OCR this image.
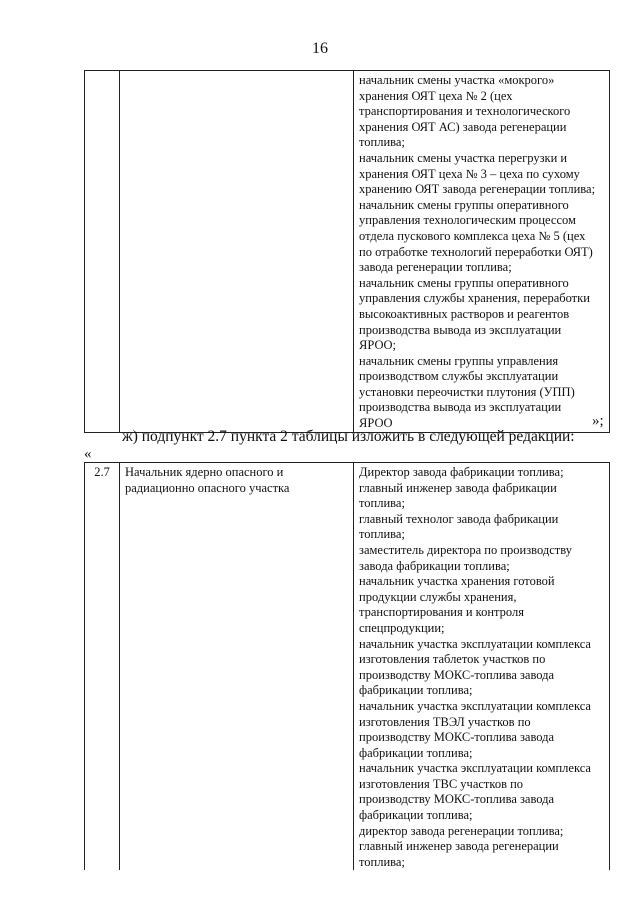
16

начальник смены участка «мокрого»
хранения ОЯТ цеха № 2 (цех
транспортирования и технологического
хранения ОЯТ АС) завода регенерации
топлива;
начальник смены участка перегрузки и
хранения ОЯТ цеха № 3 – цеха по сухому
хранению ОЯТ завода регенерации топлива;
начальник смены группы оперативного
управления технологическим процессом
отдела пускового комплекса цеха № 5 (цех
по отработке технологий переработки ОЯТ)
завода регенерации топлива;
начальник смены группы оперативного
управления службы хранения, переработки
высокоактивных растворов и реагентов
производства вывода из эксплуатации
ЯРОО;
начальник смены группы управления
производством службы эксплуатации
установки переочистки плутония (УПП)
производства вывода из эксплуатации
ЯРОО	»;
ж) подпункт 2.7 пункта 2 таблицы изложить в следующей редакции:
«
2.7	Начальник ядерно опасного и
радиационно опасного участка

Директор завода фабрикации топлива;
главный инженер завода фабрикации
топлива;
главный технолог завода фабрикации
топлива;
заместитель директора по производству
завода фабрикации топлива;
начальник участка хранения готовой
продукции службы хранения,
транспортирования и контроля
спецпродукции;
начальник участка эксплуатации комплекса
изготовления таблеток участков по
производству МОКС-топлива завода
фабрикации топлива;
начальник участка эксплуатации комплекса
изготовления ТВЭЛ участков по
производству МОКС-топлива завода
фабрикации топлива;
начальник участка эксплуатации комплекса
изготовления ТВС участков по
производству МОКС-топлива завода
фабрикации топлива;
директор завода регенерации топлива;
главный инженер завода регенерации
топлива;
